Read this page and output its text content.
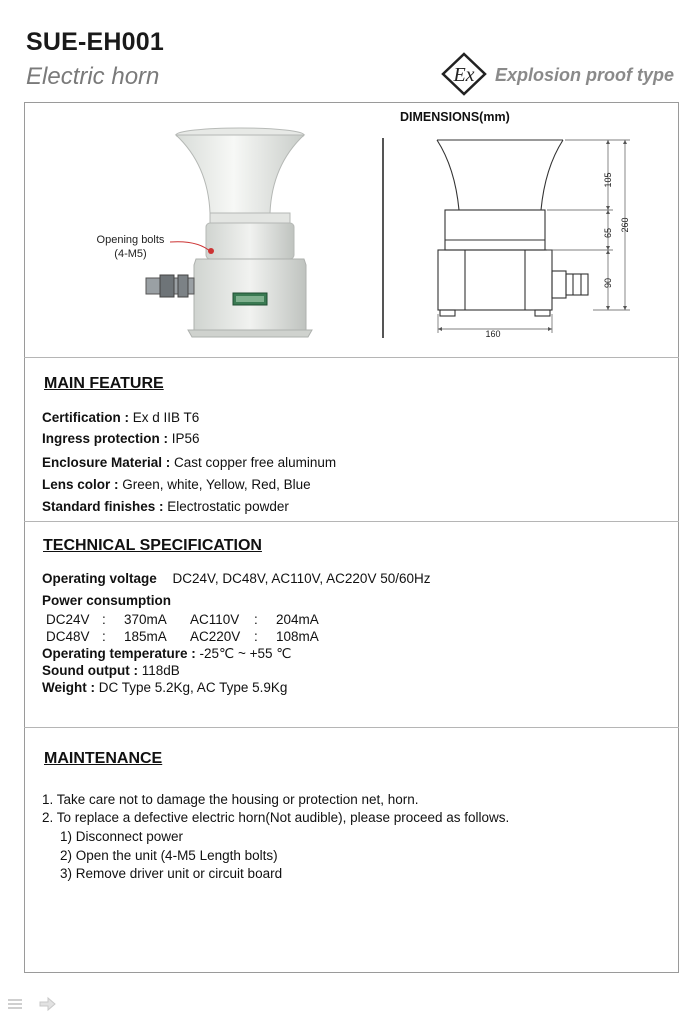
SUE-EH001
Electric horn	Ex Explosion proof type
Opening bolts
(4-M5)
DIMENSIONS(mm)
105
65
90
260
160
MAIN FEATURE
Certification : Ex d IIB T6
Ingress protection : IP56
Enclosure Material : Cast copper free aluminum
Lens color : Green, white, Yellow, Red, Blue
Standard finishes : Electrostatic powder
TECHNICAL SPECIFICATION
Operating voltage DC24V, DC48V, AC110V, AC220V 50/60Hz
Power consumption
DC24V : 370mA AC110V : 204mA
DC48V : 185mA AC220V : 108mA
Operating temperature : -25℃ ~ +55 ℃
Sound output : 118dB
Weight : DC Type 5.2Kg, AC Type 5.9Kg
MAINTENANCE
1. Take care not to damage the housing or protection net, horn.
2. To replace a defective electric horn(Not audible), please proceed as follows.
1) Disconnect power
2) Open the unit (4-M5 Length bolts)
3) Remove driver unit or circuit board
